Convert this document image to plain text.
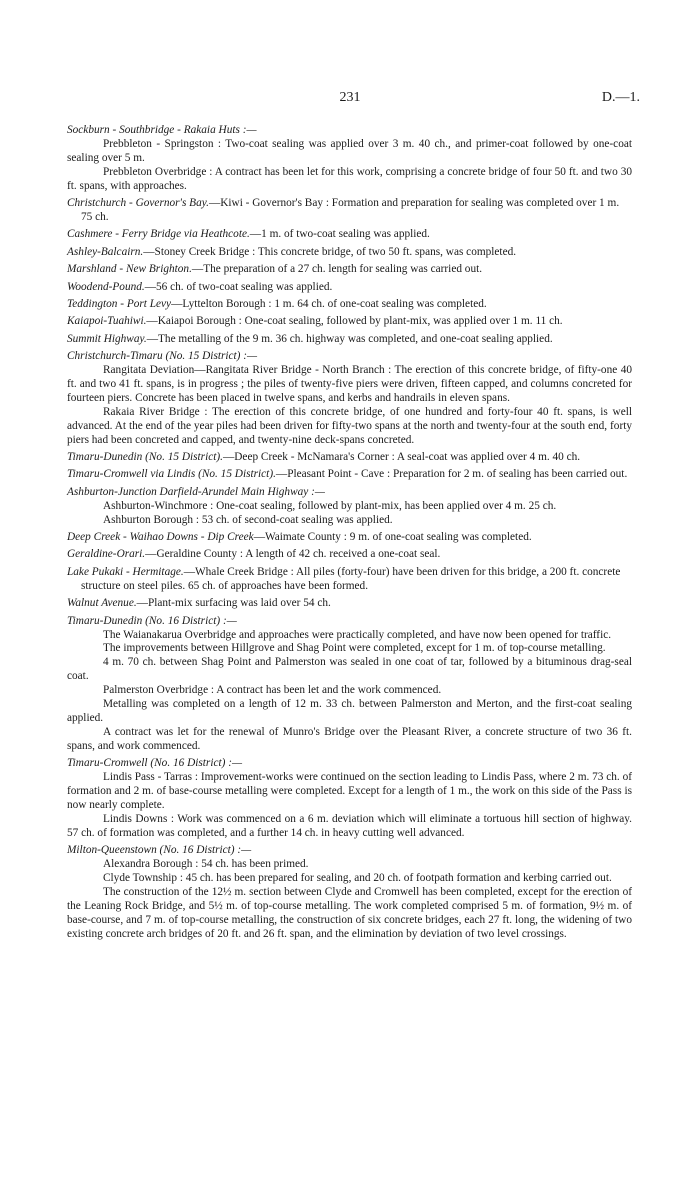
231	D.—1.
Sockburn - Southbridge - Rakaia Huts :—

Prebbleton - Springston : Two-coat sealing was applied over 3 m. 40 ch., and primer-coat followed by one-coat sealing over 5 m.

Prebbleton Overbridge : A contract has been let for this work, comprising a concrete bridge of four 50 ft. and two 30 ft. spans, with approaches.

Christchurch - Governor's Bay.—Kiwi - Governor's Bay : Formation and preparation for sealing was completed over 1 m. 75 ch.
Cashmere - Ferry Bridge via Heathcote.—1 m. of two-coat sealing was applied.
Ashley-Balcairn.—Stoney Creek Bridge : This concrete bridge, of two 50 ft. spans, was completed.
Marshland - New Brighton.—The preparation of a 27 ch. length for sealing was carried out.
Woodend-Pound.—56 ch. of two-coat sealing was applied.
Teddington - Port Levy—Lyttelton Borough : 1 m. 64 ch. of one-coat sealing was completed.
Kaiapoi-Tuahiwi.—Kaiapoi Borough : One-coat sealing, followed by plant-mix, was applied over 1 m. 11 ch.
Summit Highway.—The metalling of the 9 m. 36 ch. highway was completed, and one-coat sealing applied.
Christchurch-Timaru (No. 15 District) :—

Rangitata Deviation—Rangitata River Bridge - North Branch : The erection of this concrete bridge, of fifty-one 40 ft. and two 41 ft. spans, is in progress ; the piles of twenty-five piers were driven, fifteen capped, and columns concreted for fourteen piers. Concrete has been placed in twelve spans, and kerbs and handrails in eleven spans.

Rakaia River Bridge : The erection of this concrete bridge, of one hundred and forty-four 40 ft. spans, is well advanced. At the end of the year piles had been driven for fifty-two spans at the north and twenty-four at the south end, forty piers had been concreted and capped, and twenty-nine deck-spans concreted.

Timaru-Dunedin (No. 15 District).—Deep Creek - McNamara's Corner : A seal-coat was applied over 4 m. 40 ch.
Timaru-Cromwell via Lindis (No. 15 District).—Pleasant Point - Cave : Preparation for 2 m. of sealing has been carried out.
Ashburton-Junction Darfield-Arundel Main Highway :—

Ashburton-Winchmore : One-coat sealing, followed by plant-mix, has been applied over 4 m. 25 ch.

Ashburton Borough : 53 ch. of second-coat sealing was applied.

Deep Creek - Waihao Downs - Dip Creek—Waimate County : 9 m. of one-coat sealing was completed.
Geraldine-Orari.—Geraldine County : A length of 42 ch. received a one-coat seal.
Lake Pukaki - Hermitage.—Whale Creek Bridge : All piles (forty-four) have been driven for this bridge, a 200 ft. concrete structure on steel piles. 65 ch. of approaches have been formed.
Walnut Avenue.—Plant-mix surfacing was laid over 54 ch.
Timaru-Dunedin (No. 16 District) :—

The Waianakarua Overbridge and approaches were practically completed, and have now been opened for traffic.

The improvements between Hillgrove and Shag Point were completed, except for 1 m. of top-course metalling.

4 m. 70 ch. between Shag Point and Palmerston was sealed in one coat of tar, followed by a bituminous drag-seal coat.

Palmerston Overbridge : A contract has been let and the work commenced.

Metalling was completed on a length of 12 m. 33 ch. between Palmerston and Merton, and the first-coat sealing applied.

A contract was let for the renewal of Munro's Bridge over the Pleasant River, a concrete structure of two 36 ft. spans, and work commenced.

Timaru-Cromwell (No. 16 District) :—

Lindis Pass - Tarras : Improvement-works were continued on the section leading to Lindis Pass, where 2 m. 73 ch. of formation and 2 m. of base-course metalling were completed. Except for a length of 1 m., the work on this side of the Pass is now nearly complete.

Lindis Downs : Work was commenced on a 6 m. deviation which will eliminate a tortuous hill section of highway. 57 ch. of formation was completed, and a further 14 ch. in heavy cutting well advanced.

Milton-Queenstown (No. 16 District) :—

Alexandra Borough : 54 ch. has been primed.

Clyde Township : 45 ch. has been prepared for sealing, and 20 ch. of footpath formation and kerbing carried out.

The construction of the 12½ m. section between Clyde and Cromwell has been completed, except for the erection of the Leaning Rock Bridge, and 5½ m. of top-course metalling. The work completed comprised 5 m. of formation, 9½ m. of base-course, and 7 m. of top-course metalling, the construction of six concrete bridges, each 27 ft. long, the widening of two existing concrete arch bridges of 20 ft. and 26 ft. span, and the elimination by deviation of two level crossings.
